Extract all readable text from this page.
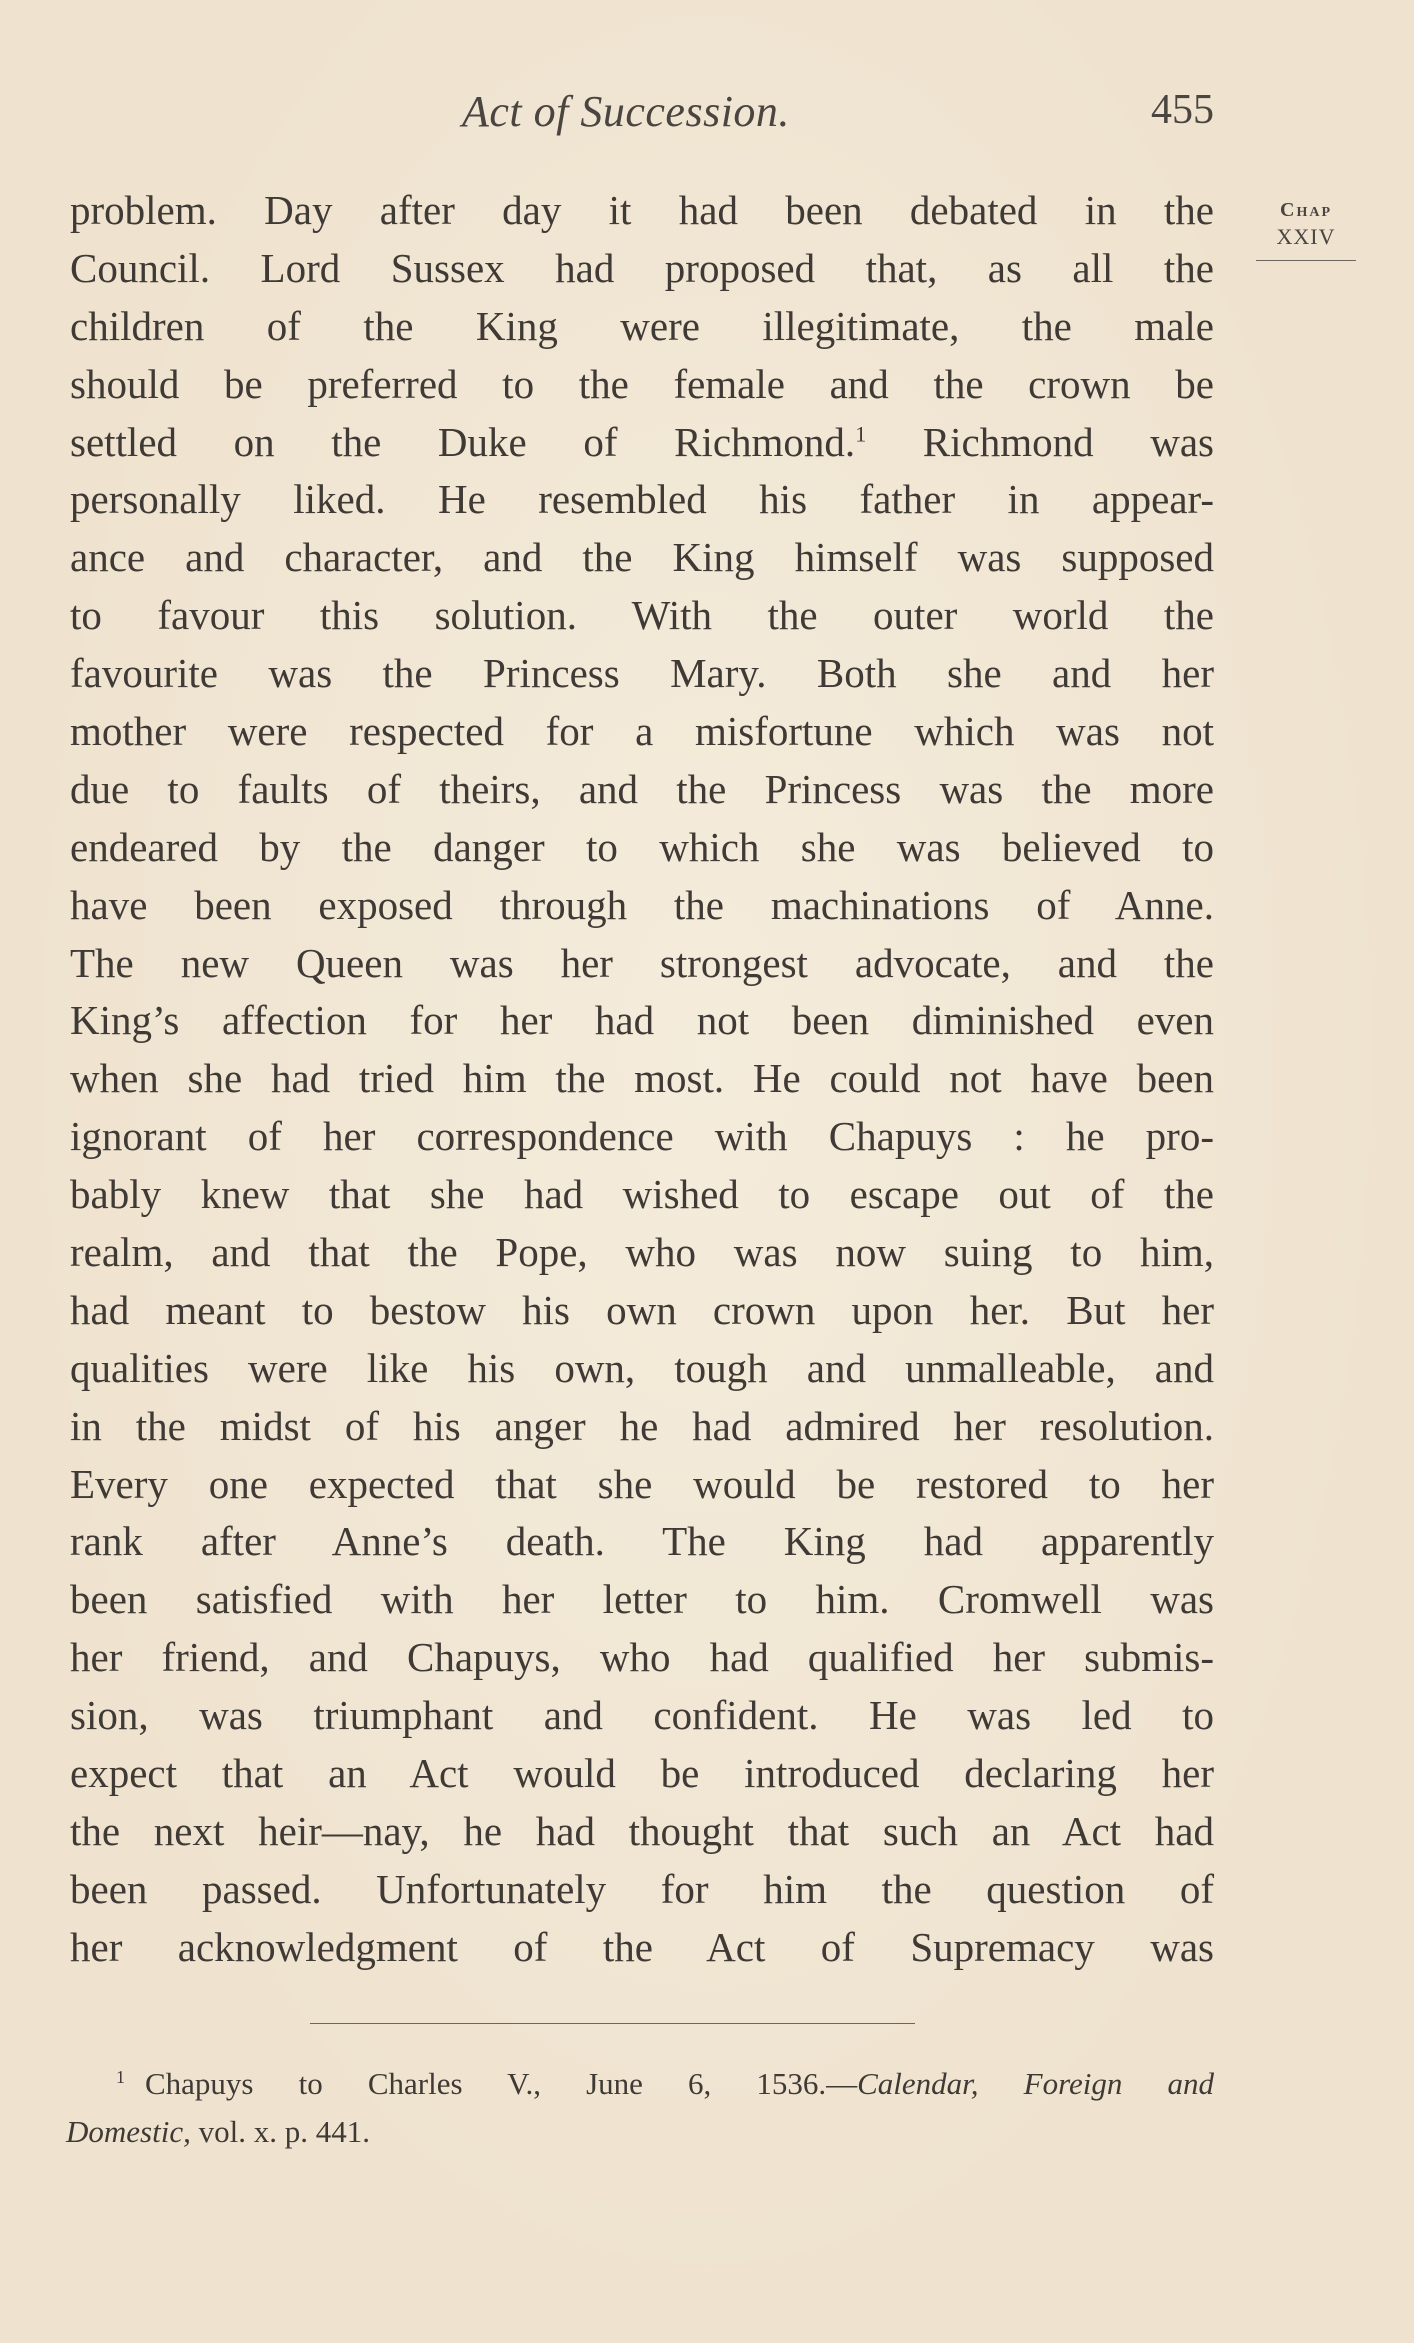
Act of Succession.	455
Chap
XXIV
problem. Day after day it had been debated in the
Council. Lord Sussex had proposed that, as all the
children of the King were illegitimate, the male
should be preferred to the female and the crown be
settled on the Duke of Richmond.$^1$ Richmond was
personally liked. He resembled his father in appear-
ance and character, and the King himself was supposed
to favour this solution. With the outer world the
favourite was the Princess Mary. Both she and her
mother were respected for a misfortune which was not
due to faults of theirs, and the Princess was the more
endeared by the danger to which she was believed to
have been exposed through the machinations of Anne.
The new Queen was her strongest advocate, and the
King’s affection for her had not been diminished even
when she had tried him the most. He could not have been
ignorant of her correspondence with Chapuys : he pro-
bably knew that she had wished to escape out of the
realm, and that the Pope, who was now suing to him,
had meant to bestow his own crown upon her. But her
qualities were like his own, tough and unmalleable, and
in the midst of his anger he had admired her resolution.
Every one expected that she would be restored to her
rank after Anne’s death. The King had apparently
been satisfied with her letter to him. Cromwell was
her friend, and Chapuys, who had qualified her submis-
sion, was triumphant and confident. He was led to
expect that an Act would be introduced declaring her
the next heir—nay, he had thought that such an Act had
been passed. Unfortunately for him the question of
her acknowledgment of the Act of Supremacy was
$^1$ Chapuys to Charles V., June 6, 1536.—Calendar, Foreign and
Domestic, vol. x. p. 441.
